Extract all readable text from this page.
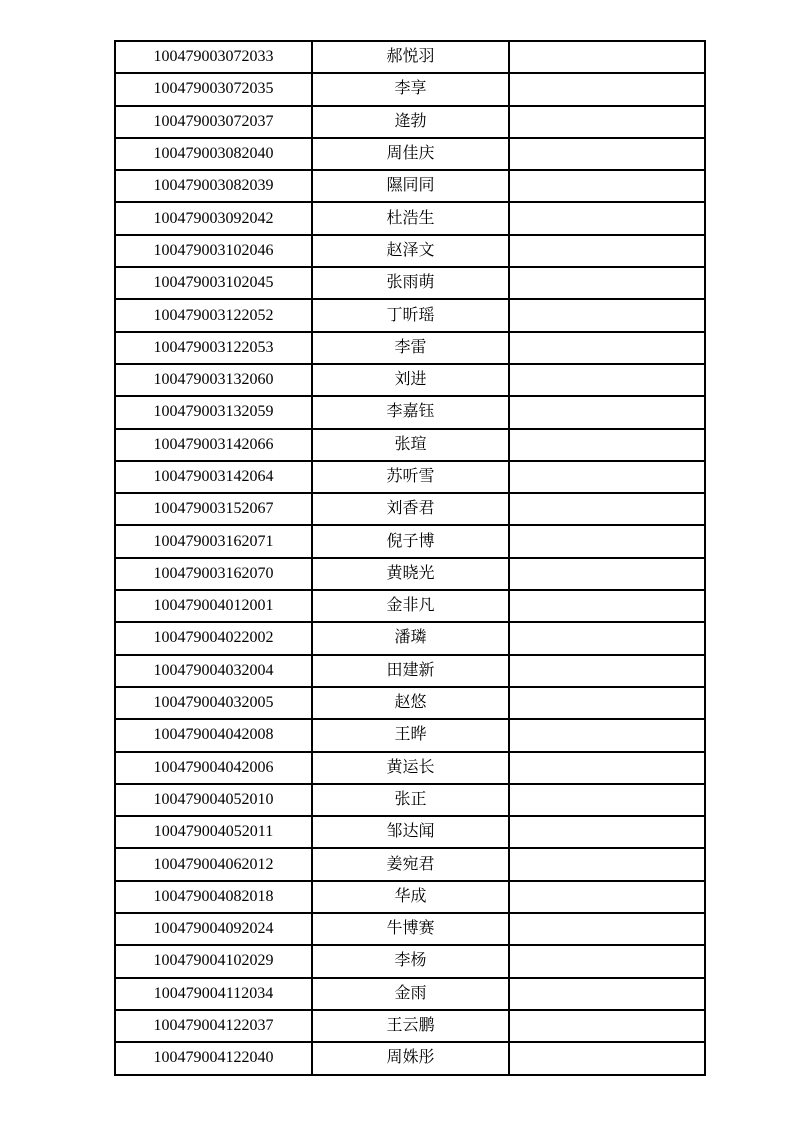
100479003072033	郝悦羽	
100479003072035	李享	
100479003072037	逄勃	
100479003082040	周佳庆	
100479003082039	隰同同	
100479003092042	杜浩生	
100479003102046	赵泽文	
100479003102045	张雨萌	
100479003122052	丁昕瑶	
100479003122053	李雷	
100479003132060	刘进	
100479003132059	李嘉钰	
100479003142066	张瑄	
100479003142064	苏听雪	
100479003152067	刘香君	
100479003162071	倪子博	
100479003162070	黄晓光	
100479004012001	金非凡	
100479004022002	潘璘	
100479004032004	田建新	
100479004032005	赵悠	
100479004042008	王晔	
100479004042006	黄运长	
100479004052010	张正	
100479004052011	邹达闻	
100479004062012	姜宛君	
100479004082018	华成	
100479004092024	牛博赛	
100479004102029	李杨	
100479004112034	金雨	
100479004122037	王云鹏	
100479004122040	周姝彤	
